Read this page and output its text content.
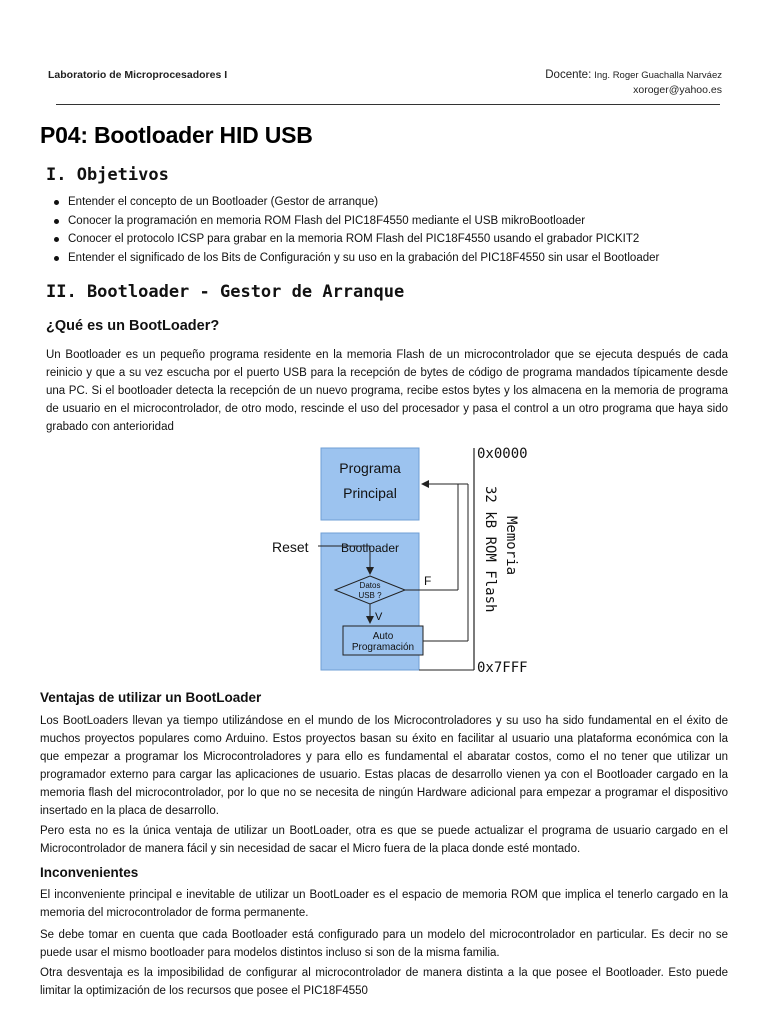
Laboratorio de Microprocesadores I	Docente: Ing. Roger Guachalla Narváez
xoroger@yahoo.es
P04: Bootloader HID USB
I. Objetivos
Entender el concepto de un Bootloader (Gestor de arranque)
Conocer la programación en memoria ROM Flash del PIC18F4550 mediante el USB mikroBootloader
Conocer el protocolo ICSP para grabar en la memoria ROM Flash del PIC18F4550 usando el grabador PICKIT2
Entender el significado de los Bits de Configuración y su uso en la grabación del PIC18F4550 sin usar el Bootloader
II. Bootloader - Gestor de Arranque
¿Qué es un BootLoader?

Un Bootloader es un pequeño programa residente en la memoria Flash de un microcontrolador que se ejecuta después de cada reinicio y que a su vez escucha por el puerto USB para la recepción de bytes de código de programa mandados típicamente desde una PC. Si el bootloader detecta la recepción de un nuevo programa, recibe estos bytes y los almacena en la memoria de programa de usuario en el microcontrolador, de otro modo, rescinde el uso del procesador y pasa el control a un otro programa que haya sido grabado con anterioridad

Programa
Principal
Bootloader
Reset
Datos
USB ?
F
V
Auto
Programación
0x0000
0x7FFF
32 kB ROM Flash Memoria
Ventajas de utilizar un BootLoader

Los BootLoaders llevan ya tiempo utilizándose en el mundo de los Microcontroladores y su uso ha sido fundamental en el éxito de muchos proyectos populares como Arduino. Estos proyectos basan su éxito en facilitar al usuario una plataforma económica con la que empezar a programar los Microcontroladores y para ello es fundamental el abaratar costos, como el no tener que utilizar un programador externo para cargar las aplicaciones de usuario. Estas placas de desarrollo vienen ya con el Bootloader cargado en la memoria flash del microcontrolador, por lo que no se necesita de ningún Hardware adicional para empezar a programar el dispositivo insertado en la placa de desarrollo.

Pero esta no es la única ventaja de utilizar un BootLoader, otra es que se puede actualizar el programa de usuario cargado en el Microcontrolador de manera fácil y sin necesidad de sacar el Micro fuera de la placa donde esté montado.

Inconvenientes

El inconveniente principal e inevitable de utilizar un BootLoader es el espacio de memoria ROM que implica el tenerlo cargado en la memoria del microcontrolador de forma permanente.

Se debe tomar en cuenta que cada Bootloader está configurado para un modelo del microcontrolador en particular. Es decir no se puede usar el mismo bootloader para modelos distintos incluso si son de la misma familia.

Otra desventaja es la imposibilidad de configurar al microcontrolador de manera distinta a la que posee el Bootloader. Esto puede limitar la optimización de los recursos que posee el PIC18F4550
